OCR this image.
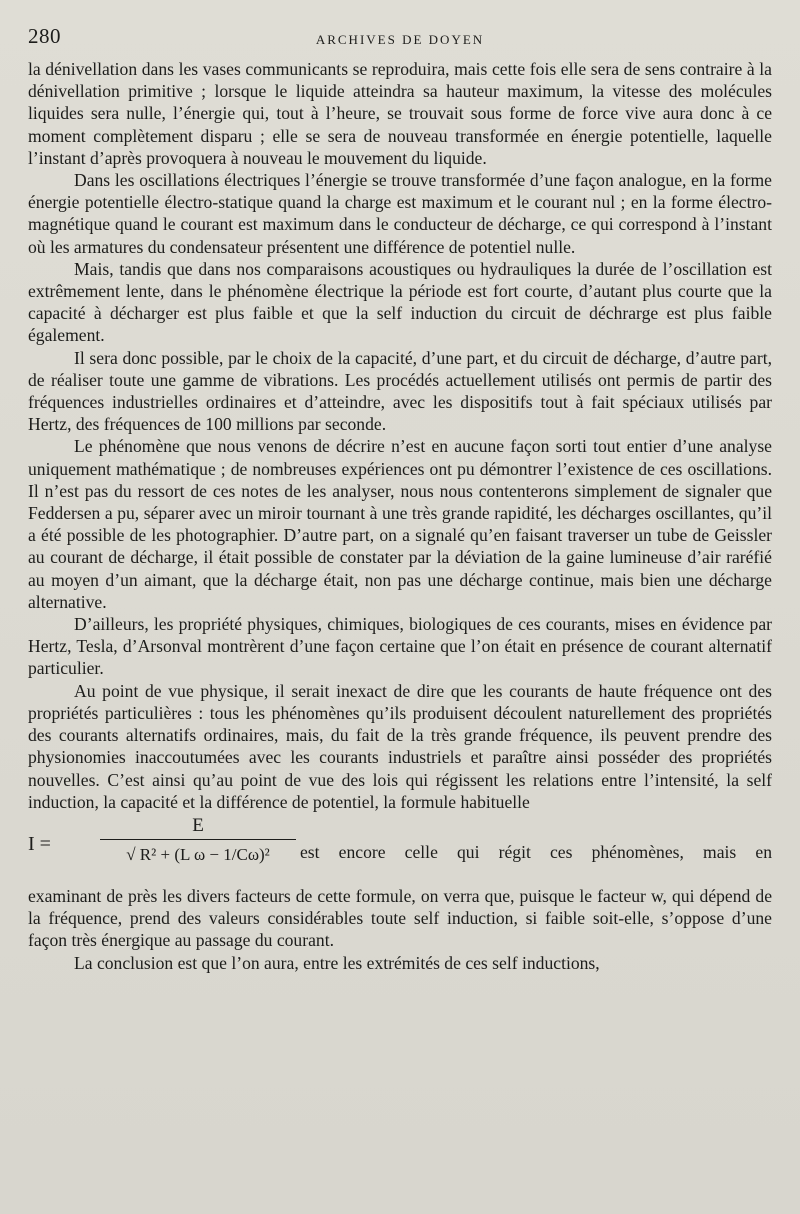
280	ARCHIVES DE DOYEN

la dénivellation dans les vases communicants se reproduira, mais cette fois elle sera de sens contraire à la dénivellation primitive ; lorsque le liquide atteindra sa hauteur maximum, la vitesse des molécules liquides sera nulle, l’énergie qui, tout à l’heure, se trouvait sous forme de force vive aura donc à ce moment complètement disparu ; elle se sera de nouveau transformée en énergie potentielle, laquelle l’instant d’après provoquera à nouveau le mouvement du liquide.

Dans les oscillations électriques l’énergie se trouve transformée d’une façon analogue, en la forme énergie potentielle électro-statique quand la charge est maximum et le courant nul ; en la forme électro-magnétique quand le courant est maximum dans le conducteur de décharge, ce qui correspond à l’instant où les armatures du condensateur présentent une différence de potentiel nulle.

Mais, tandis que dans nos comparaisons acoustiques ou hydrauliques la durée de l’oscillation est extrêmement lente, dans le phénomène électrique la période est fort courte, d’autant plus courte que la capacité à décharger est plus faible et que la self induction du circuit de déchrarge est plus faible également.

Il sera donc possible, par le choix de la capacité, d’une part, et du circuit de décharge, d’autre part, de réaliser toute une gamme de vibrations. Les procédés actuellement utilisés ont permis de partir des fréquences industrielles ordinaires et d’atteindre, avec les dispositifs tout à fait spéciaux utilisés par Hertz, des fréquences de 100 millions par seconde.

Le phénomène que nous venons de décrire n’est en aucune façon sorti tout entier d’une analyse uniquement mathématique ; de nombreuses expériences ont pu démontrer l’existence de ces oscillations. Il n’est pas du ressort de ces notes de les analyser, nous nous contenterons simplement de signaler que Feddersen a pu, séparer avec un miroir tournant à une très grande rapidité, les décharges oscillantes, qu’il a été possible de les photographier. D’autre part, on a signalé qu’en faisant traverser un tube de Geissler au courant de décharge, il était possible de constater par la déviation de la gaine lumineuse d’air raréfié au moyen d’un aimant, que la décharge était, non pas une décharge continue, mais bien une décharge alternative.

D’ailleurs, les propriété physiques, chimiques, biologiques de ces courants, mises en évidence par Hertz, Tesla, d’Arsonval montrèrent d’une façon certaine que l’on était en présence de courant alternatif particulier.

Au point de vue physique, il serait inexact de dire que les courants de haute fréquence ont des propriétés particulières : tous les phénomènes qu’ils produisent découlent naturellement des propriétés des courants alternatifs ordinaires, mais, du fait de la très grande fréquence, ils peuvent prendre des physionomies inaccoutumées avec les courants industriels et paraître ainsi posséder des propriétés nouvelles. C’est ainsi qu’au point de vue des lois qui régissent les relations entre l’intensité, la self induction, la capacité et la différence de potentiel, la formule habituelle

I =	$\frac{E}{\text{√ R² + (L ω − 1/Cω)²}}$ est encore celle qui régit ces phénomènes, mais en

examinant de près les divers facteurs de cette formule, on verra que, puisque le facteur w, qui dépend de la fréquence, prend des valeurs considérables toute self induction, si faible soit-elle, s’oppose d’une façon très énergique au passage du courant.

La conclusion est que l’on aura, entre les extrémités de ces self inductions,
